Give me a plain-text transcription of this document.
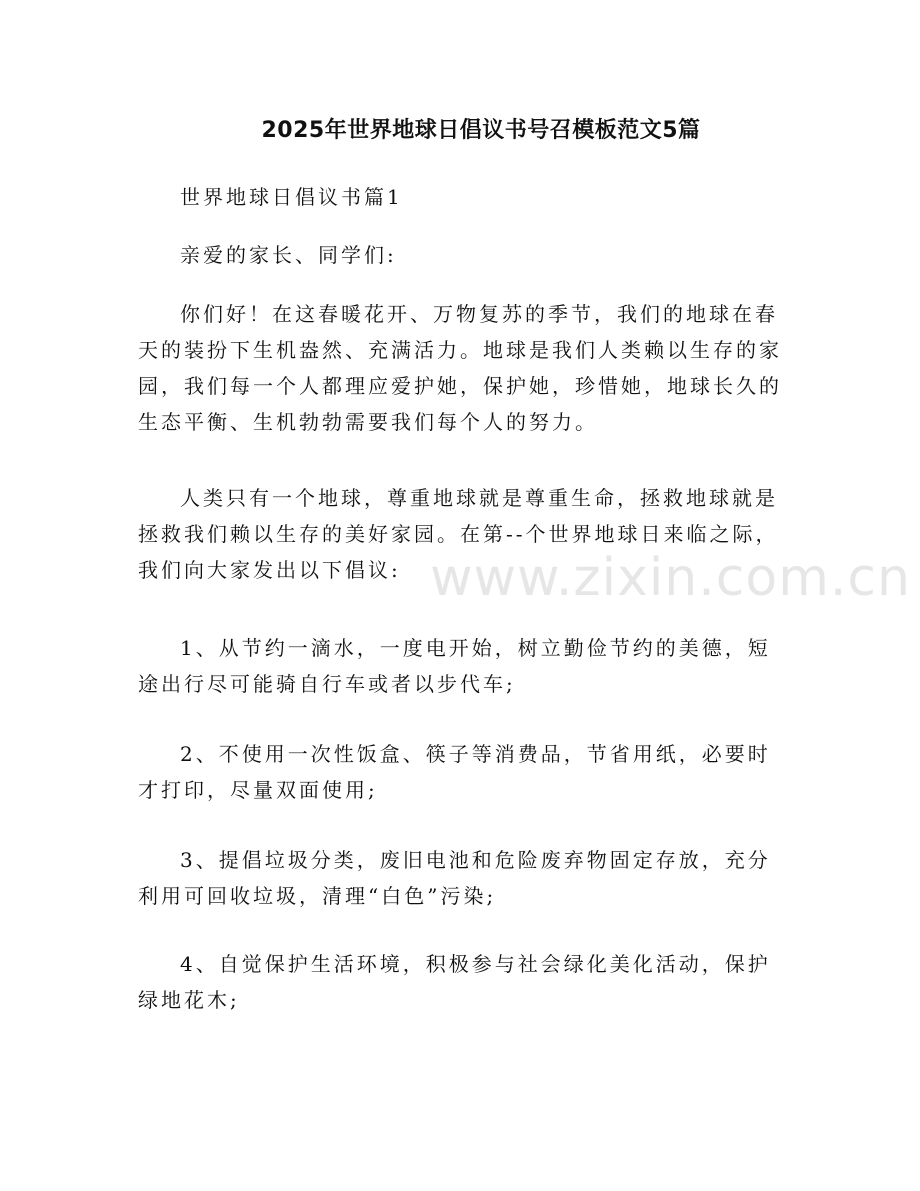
2025年世界地球日倡议书号召模板范文5篇
世界地球日倡议书篇1
亲爱的家长、同学们:

你们好！在这春暖花开、万物复苏的季节，我们的地球在春天的装扮下生机盎然、充满活力。地球是我们人类赖以生存的家园，我们每一个人都理应爱护她，保护她，珍惜她，地球长久的生态平衡、生机勃勃需要我们每个人的努力。

人类只有一个地球，尊重地球就是尊重生命，拯救地球就是拯救我们赖以生存的美好家园。在第--个世界地球日来临之际，我们向大家发出以下倡议:

1、从节约一滴水，一度电开始，树立勤俭节约的美德，短途出行尽可能骑自行车或者以步代车;

2、不使用一次性饭盒、筷子等消费品，节省用纸，必要时才打印，尽量双面使用;

3、提倡垃圾分类，废旧电池和危险废弃物固定存放，充分利用可回收垃圾，清理“白色”污染;

4、自觉保护生活环境，积极参与社会绿化美化活动，保护绿地花木;

www.zixin.com.cn
